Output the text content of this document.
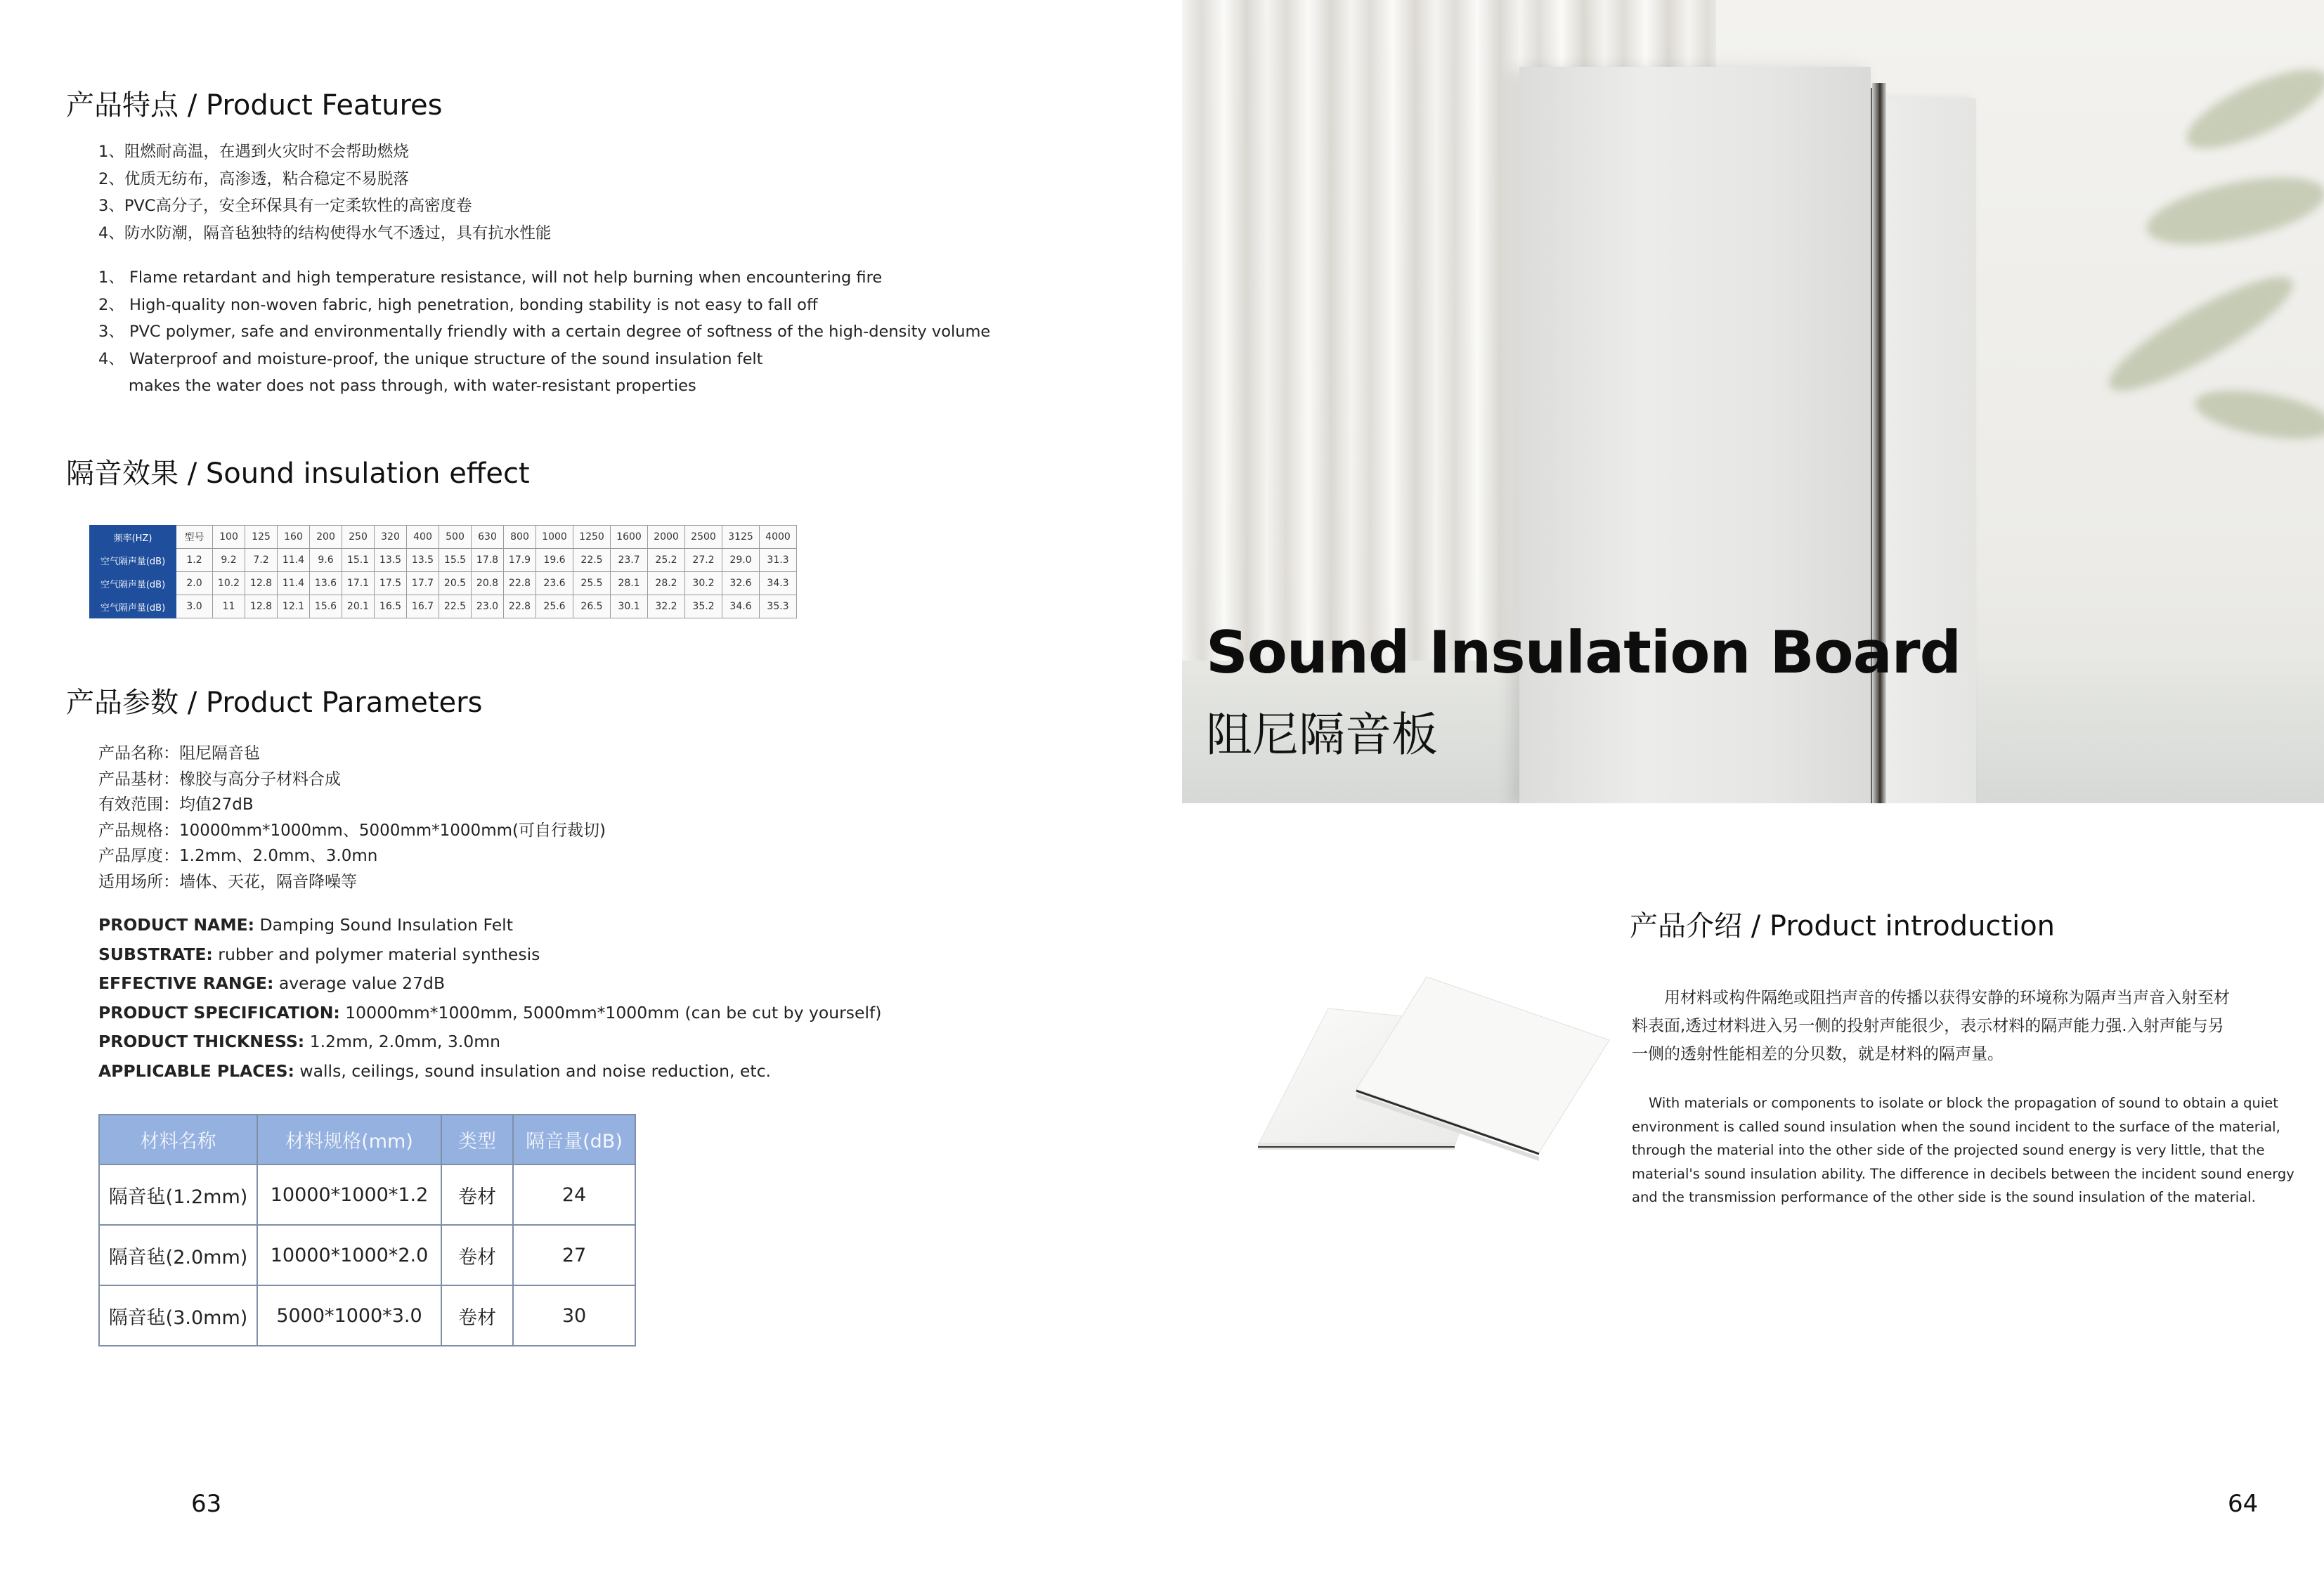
产品特点 / Product Features
1、阻燃耐高温，在遇到火灾时不会帮助燃烧
2、优质无纺布，高渗透，粘合稳定不易脱落
3、PVC高分子，安全环保具有一定柔软性的高密度卷
4、防水防潮，隔音毡独特的结构使得水气不透过，具有抗水性能
1、 Flame retardant and high temperature resistance, will not help burning when encountering fire
2、 High-quality non-woven fabric, high penetration, bonding stability is not easy to fall off
3、 PVC polymer, safe and environmentally friendly with a certain degree of softness of the high-density volume
4、 Waterproof and moisture-proof, the unique structure of the sound insulation felt
makes the water does not pass through, with water-resistant properties
隔音效果 / Sound insulation effect
频率(HZ)	型号	100	125	160	200	250	320	400	500	630	800	1000	1250	1600	2000	2500	3125	4000
空气隔声量(dB)	1.2	9.2	7.2	11.4	9.6	15.1	13.5	13.5	15.5	17.8	17.9	19.6	22.5	23.7	25.2	27.2	29.0	31.3
空气隔声量(dB)	2.0	10.2	12.8	11.4	13.6	17.1	17.5	17.7	20.5	20.8	22.8	23.6	25.5	28.1	28.2	30.2	32.6	34.3
空气隔声量(dB)	3.0	11	12.8	12.1	15.6	20.1	16.5	16.7	22.5	23.0	22.8	25.6	26.5	30.1	32.2	35.2	34.6	35.3
产品参数 / Product Parameters
产品名称：阻尼隔音毡
产品基材：橡胶与高分子材料合成
有效范围：均值27dB
产品规格：10000mm*1000mm、5000mm*1000mm(可自行裁切)
产品厚度：1.2mm、2.0mm、3.0mn
适用场所：墙体、天花，隔音降噪等
PRODUCT NAME: Damping Sound Insulation Felt
SUBSTRATE: rubber and polymer material synthesis
EFFECTIVE RANGE: average value 27dB
PRODUCT SPECIFICATION: 10000mm*1000mm, 5000mm*1000mm (can be cut by yourself)
PRODUCT THICKNESS: 1.2mm, 2.0mm, 3.0mn
APPLICABLE PLACES: walls, ceilings, sound insulation and noise reduction, etc.
材料名称	材料规格(mm)	类型	隔音量(dB)
隔音毡(1.2mm)	10000*1000*1.2	卷材	24
隔音毡(2.0mm)	10000*1000*2.0	卷材	27
隔音毡(3.0mm)	5000*1000*3.0	卷材	30
63
Sound Insulation Board
阻尼隔音板
产品介绍 / Product introduction
用材料或构件隔绝或阻挡声音的传播以获得安静的环境称为隔声当声音入射至材
料表面,透过材料进入另一侧的投射声能很少，表示材料的隔声能力强.入射声能与另
一侧的透射性能相差的分贝数，就是材料的隔声量。
With materials or components to isolate or block the propagation of sound to obtain a quiet
environment is called sound insulation when the sound incident to the surface of the material,
through the material into the other side of the projected sound energy is very little, that the
material's sound insulation ability. The difference in decibels between the incident sound energy
and the transmission performance of the other side is the sound insulation of the material.
64
